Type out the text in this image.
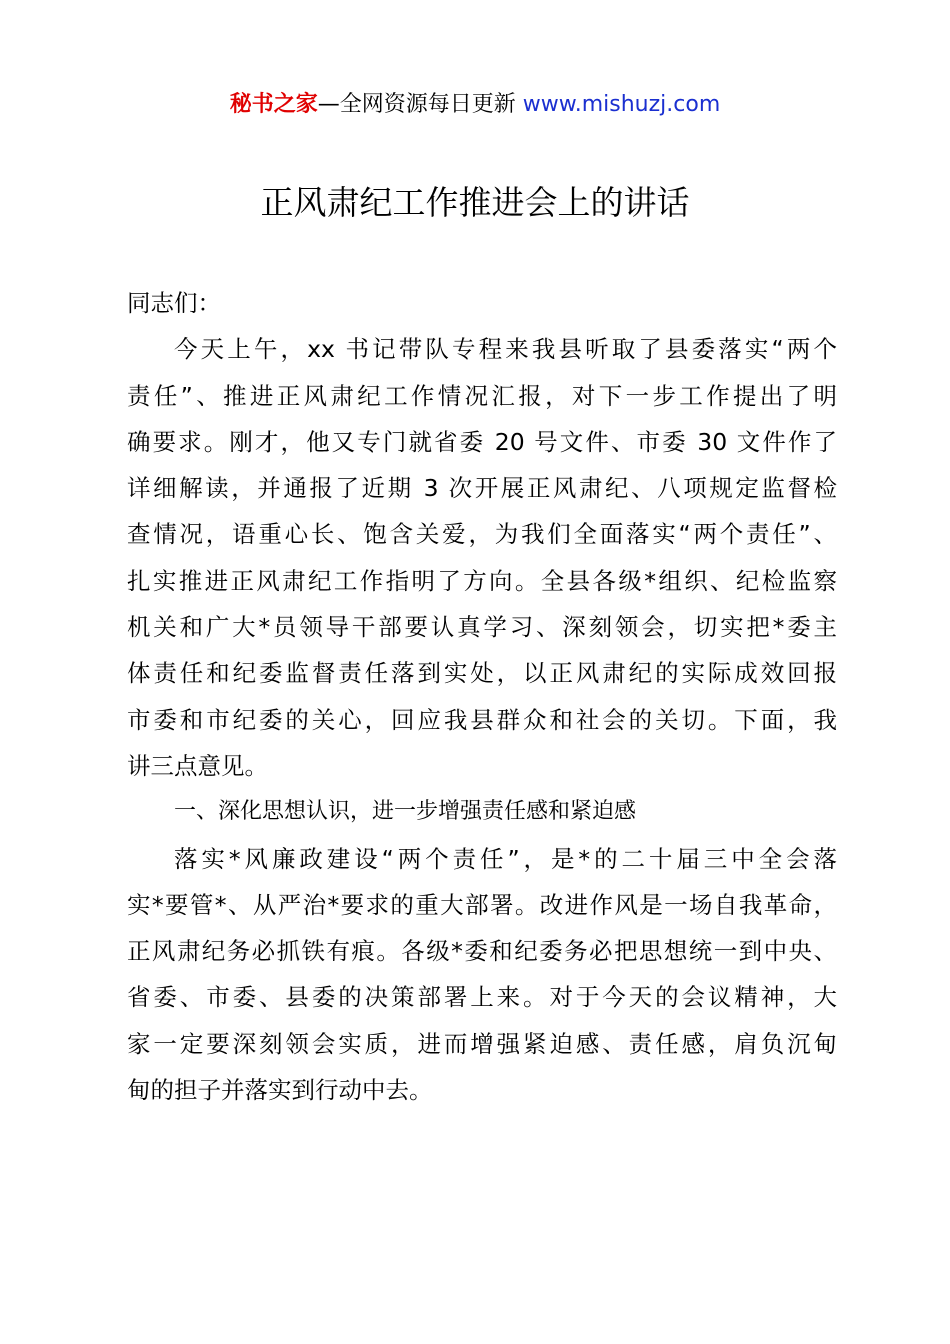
秘书之家—全网资源每日更新 www.mishuzj.com
正风肃纪工作推进会上的讲话
同志们：
今天上午，xx 书记带队专程来我县听取了县委落实“两个
责任”、推进正风肃纪工作情况汇报，对下一步工作提出了明
确要求。刚才，他又专门就省委 20 号文件、市委 30 文件作了
详细解读，并通报了近期 3 次开展正风肃纪、八项规定监督检
查情况，语重心长、饱含关爱，为我们全面落实“两个责任”、
扎实推进正风肃纪工作指明了方向。全县各级*组织、纪检监察
机关和广大*员领导干部要认真学习、深刻领会，切实把*委主
体责任和纪委监督责任落到实处，以正风肃纪的实际成效回报
市委和市纪委的关心，回应我县群众和社会的关切。下面，我
讲三点意见。
一、深化思想认识，进一步增强责任感和紧迫感
落实*风廉政建设“两个责任”，是*的二十届三中全会落
实*要管*、从严治*要求的重大部署。改进作风是一场自我革命，
正风肃纪务必抓铁有痕。各级*委和纪委务必把思想统一到中央、
省委、市委、县委的决策部署上来。对于今天的会议精神，大
家一定要深刻领会实质，进而增强紧迫感、责任感，肩负沉甸
甸的担子并落实到行动中去。
